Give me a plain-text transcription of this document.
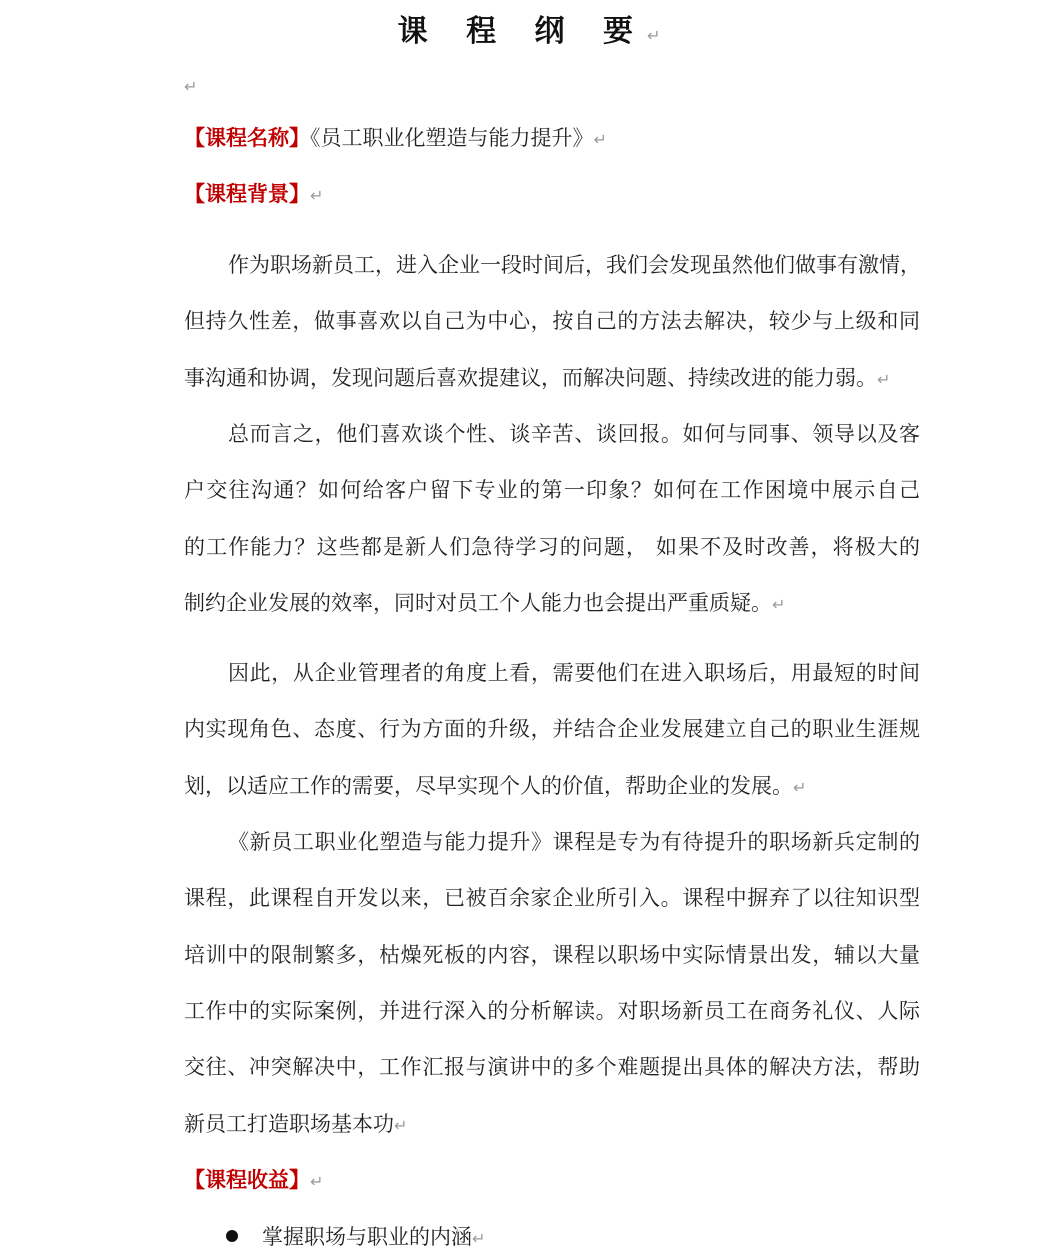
课 程 纲 要↵
↵
【课程名称】《员工职业化塑造与能力提升》↵
【课程背景】↵
作为职场新员工，进入企业一段时间后，我们会发现虽然他们做事有激情，
但持久性差，做事喜欢以自己为中心，按自己的方法去解决，较少与上级和同
事沟通和协调，发现问题后喜欢提建议，而解决问题、持续改进的能力弱。↵
总而言之，他们喜欢谈个性、谈辛苦、谈回报。如何与同事、领导以及客
户交往沟通？如何给客户留下专业的第一印象？如何在工作困境中展示自己
的工作能力？这些都是新人们急待学习的问题， 如果不及时改善，将极大的
制约企业发展的效率，同时对员工个人能力也会提出严重质疑。↵
因此，从企业管理者的角度上看，需要他们在进入职场后，用最短的时间
内实现角色、态度、行为方面的升级，并结合企业发展建立自己的职业生涯规
划，以适应工作的需要，尽早实现个人的价值，帮助企业的发展。↵
《新员工职业化塑造与能力提升》课程是专为有待提升的职场新兵定制的
课程，此课程自开发以来，已被百余家企业所引入。课程中摒弃了以往知识型
培训中的限制繁多，枯燥死板的内容，课程以职场中实际情景出发，辅以大量
工作中的实际案例，并进行深入的分析解读。对职场新员工在商务礼仪、人际
交往、冲突解决中，工作汇报与演讲中的多个难题提出具体的解决方法，帮助
新员工打造职场基本功↵
【课程收益】↵
掌握职场与职业的内涵↵
